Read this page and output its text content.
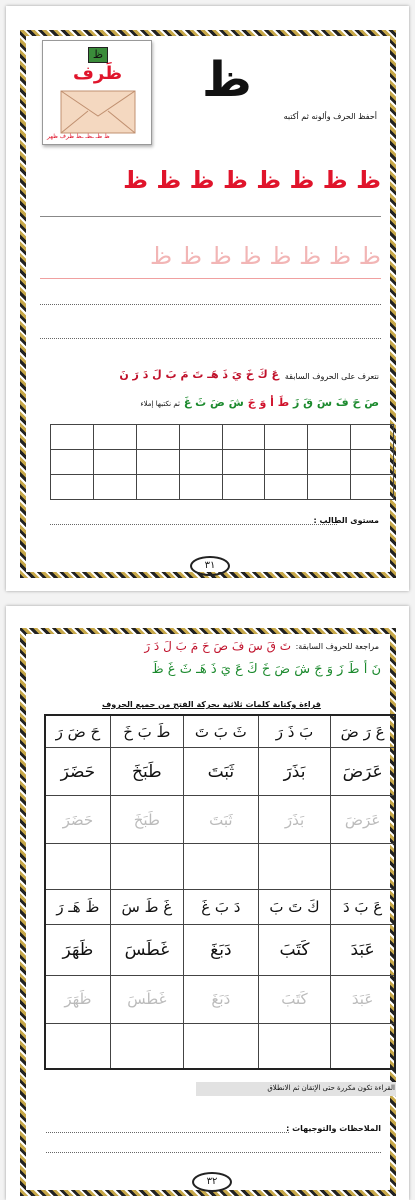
ظ
ظَرف
ظ ظـ ـظـ ـظ ظرف ظهر
ظ
أحفظ الحرف وألونه ثم أكتبه
ظ ظ ظ ظ ظ ظ ظ ظ
ظ ظ ظ ظ ظ ظ ظ ظ
نتعرف على الحروف السابقة
عَ كَ خَ يَ ذَ هَـ تَ مَ بَ لَ دَ رَ نَ
صَ حَ فَ سَ قَ زَ طَ أ وَ جَ شَ ضَ ثَ غَ ثم نكتبها إملاء

مستوى الطالب :
٣١
مراجعة للحروف السابقة:
تَ قَ سَ فَ صَ حَ مَ بَ لَ دَ رَ
نَ أ طَ زَ وَ جَ شَ ضَ خَ كَ عَ يَ ذَ هَـ ثَ غَ ظَ
قراءة وكتابة كلمات ثلاثية بحركة الفتح من جميع الحروف
حَ ضَ رَ	طَ بَ خَ	ثَ بَ تَ	بَ ذَ رَ	عَ رَ ضَ
حَضَرَ	طَبَخَ	ثَبَتَ	بَذَرَ	عَرَضَ
حَضَرَ	طَبَخَ	ثَبَتَ	بَذَرَ	عَرَضَ

ظَ هَـ رَ	غَ طَ سَ	دَ بَ غَ	كَ تَ بَ	عَ بَ دَ
ظَهَرَ	غَطَسَ	دَبَغَ	كَتَبَ	عَبَدَ
ظَهَرَ	غَطَسَ	دَبَغَ	كَتَبَ	عَبَدَ

القراءة تكون مكررة حتى الإتقان ثم الانطلاق
الملاحظات والتوجيهات :
٣٢
